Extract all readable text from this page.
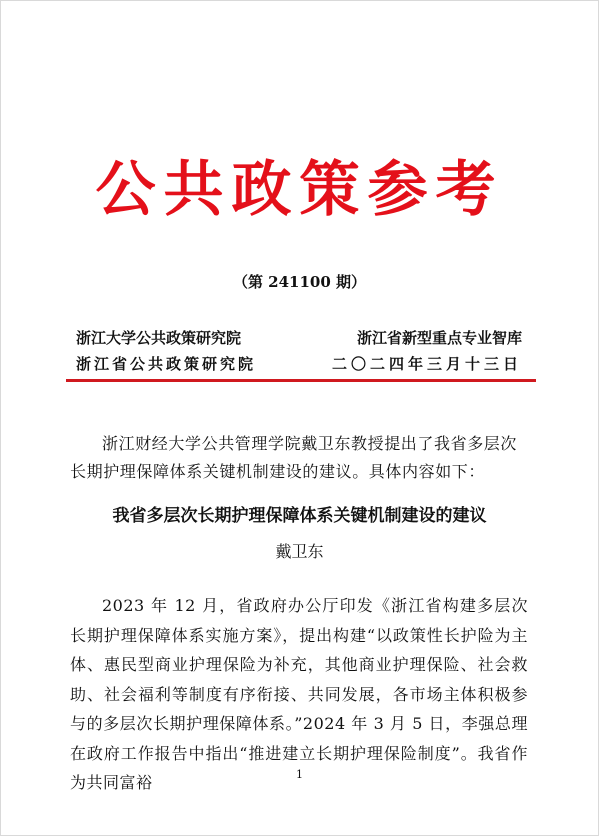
公共政策参考
（第 241100 期）
浙江大学公共政策研究院	浙江省新型重点专业智库
浙江省公共政策研究院	二〇二四年三月十三日

浙江财经大学公共管理学院戴卫东教授提出了我省多层次长期护理保障体系关键机制建设的建议。具体内容如下：

我省多层次长期护理保障体系关键机制建设的建议
戴卫东

2023 年 12 月，省政府办公厅印发《浙江省构建多层次长期护理保障体系实施方案》，提出构建“以政策性长护险为主体、惠民型商业护理保险为补充，其他商业护理保险、社会救助、社会福利等制度有序衔接、共同发展，各市场主体积极参与的多层次长期护理保障体系。”2024 年 3 月 5 日，李强总理在政府工作报告中指出“推进建立长期护理保险制度”。我省作为共同富裕	1
